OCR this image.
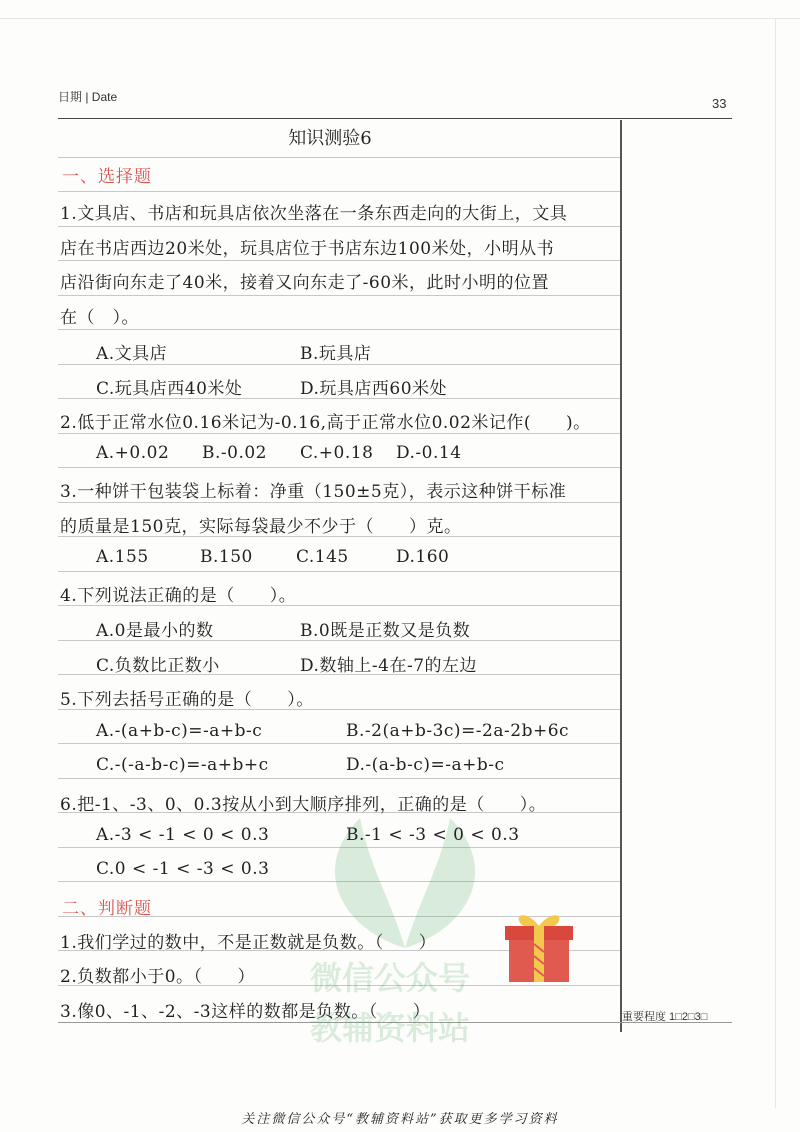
日期 | Date	33
微信公众号
教辅资料站
知识测验6
一、选择题
1.文具店、书店和玩具店依次坐落在一条东西走向的大街上，文具
店在书店西边20米处，玩具店位于书店东边100米处，小明从书
店沿街向东走了40米，接着又向东走了-60米，此时小明的位置
在（　）。
A.文具店	B.玩具店
C.玩具店西40米处	D.玩具店西60米处
2.低于正常水位0.16米记为-0.16,高于正常水位0.02米记作(　　)。
A.+0.02 B.-0.02 C.+0.18 D.-0.14
3.一种饼干包装袋上标着：净重（150±5克），表示这种饼干标准
的质量是150克，实际每袋最少不少于（　　）克。
A.155	B.150	C.145	D.160
4.下列说法正确的是（　　）。
A.0是最小的数	B.0既是正数又是负数
C.负数比正数小	D.数轴上-4在-7的左边
5.下列去括号正确的是（　　）。
A.-(a+b-c)=-a+b-c	B.-2(a+b-3c)=-2a-2b+6c
C.-(-a-b-c)=-a+b+c	D.-(a-b-c)=-a+b-c
6.把-1、-3、0、0.3按从小到大顺序排列，正确的是（　　）。
A.-3 < -1 < 0 < 0.3	B.-1 < -3 < 0 < 0.3
C.0 < -1 < -3 < 0.3
二、判断题
1.我们学过的数中，不是正数就是负数。（　　）
2.负数都小于0。（　　）
3.像0、-1、-2、-3这样的数都是负数。（　　）	重要程度 1□2□3□
关注微信公众号“教辅资料站”获取更多学习资料
